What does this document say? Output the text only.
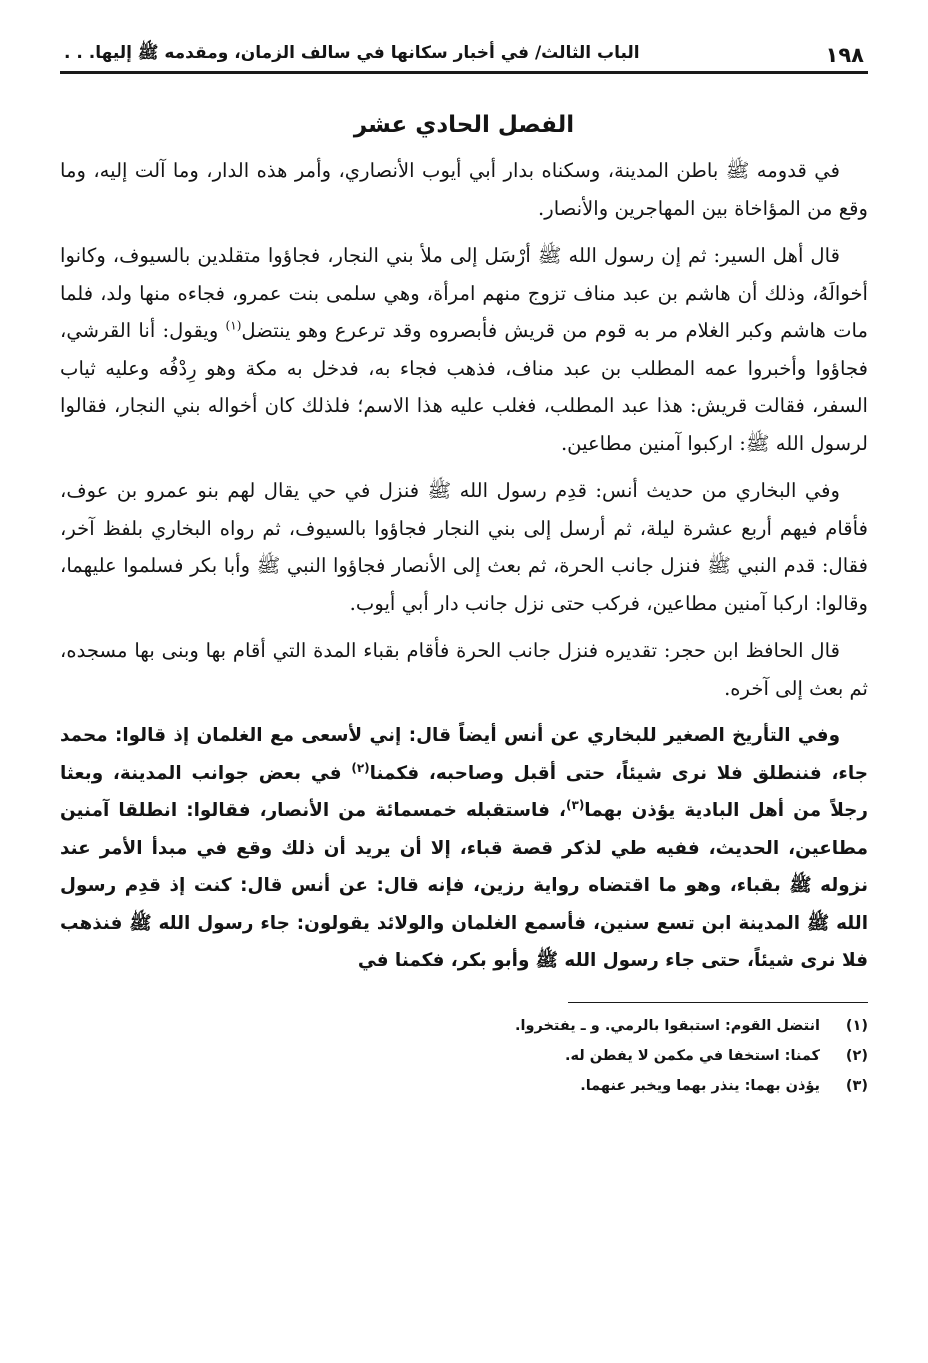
١٩٨
الباب الثالث/ في أخبار سكانها في سالف الزمان، ومقدمه ﷺ إليها. . .
الفصل الحادي عشر

في قدومه ﷺ باطن المدينة، وسكناه بدار أبي أيوب الأنصاري، وأمر هذه الدار، وما آلت إليه، وما وقع من المؤاخاة بين المهاجرين والأنصار.

قال أهل السير: ثم إن رسول الله ﷺ أرْسَل إلى ملأ بني النجار، فجاؤوا متقلدين بالسيوف، وكانوا أخوالَهُ، وذلك أن هاشم بن عبد مناف تزوج منهم امرأة، وهي سلمى بنت عمرو، فجاءه منها ولد، فلما مات هاشم وكبر الغلام مر به قوم من قريش فأبصروه وقد ترعرع وهو ينتضل$^{(١)}$ ويقول: أنا القرشي، فجاؤوا وأخبروا عمه المطلب بن عبد مناف، فذهب فجاء به، فدخل به مكة وهو رِدْفُه وعليه ثياب السفر، فقالت قريش: هذا عبد المطلب، فغلب عليه هذا الاسم؛ فلذلك كان أخواله بني النجار، فقالوا لرسول الله ﷺ: اركبوا آمنين مطاعين.

وفي البخاري من حديث أنس: قدِم رسول الله ﷺ فنزل في حي يقال لهم بنو عمرو بن عوف، فأقام فيهم أربع عشرة ليلة، ثم أرسل إلى بني النجار فجاؤوا بالسيوف، ثم رواه البخاري بلفظ آخر، فقال: قدم النبي ﷺ فنزل جانب الحرة، ثم بعث إلى الأنصار فجاؤوا النبي ﷺ وأبا بكر فسلموا عليهما، وقالوا: اركبا آمنين مطاعين، فركب حتى نزل جانب دار أبي أيوب.

قال الحافظ ابن حجر: تقديره فنزل جانب الحرة فأقام بقباء المدة التي أقام بها وبنى بها مسجده، ثم بعث إلى آخره.

وفي التأريخ الصغير للبخاري عن أنس أيضاً قال: إني لأسعى مع الغلمان إذ قالوا: محمد جاء، فننطلق فلا نرى شيئاً، حتى أقبل وصاحبه، فكمنا$^{(٢)}$ في بعض جوانب المدينة، وبعثا رجلاً من أهل البادية يؤذن بهما$^{(٣)}$، فاستقبله خمسمائة من الأنصار، فقالوا: انطلقا آمنين مطاعين، الحديث، ففيه طي لذكر قصة قباء، إلا أن يريد أن ذلك وقع في مبدأ الأمر عند نزوله ﷺ بقباء، وهو ما اقتضاه رواية رزين، فإنه قال: عن أنس قال: كنت إذ قدِم رسول الله ﷺ المدينة ابن تسع سنين، فأسمع الغلمان والولائد يقولون: جاء رسول الله ﷺ فنذهب فلا نرى شيئاً، حتى جاء رسول الله ﷺ وأبو بكر، فكمنا في

(١)
انتضل القوم: استبقوا بالرمي. و ـ يفتخروا.
(٢)
كمنا: استخفا في مكمن لا يفطن له.
(٣)
يؤذن بهما: ينذر بهما ويخبر عنهما.
